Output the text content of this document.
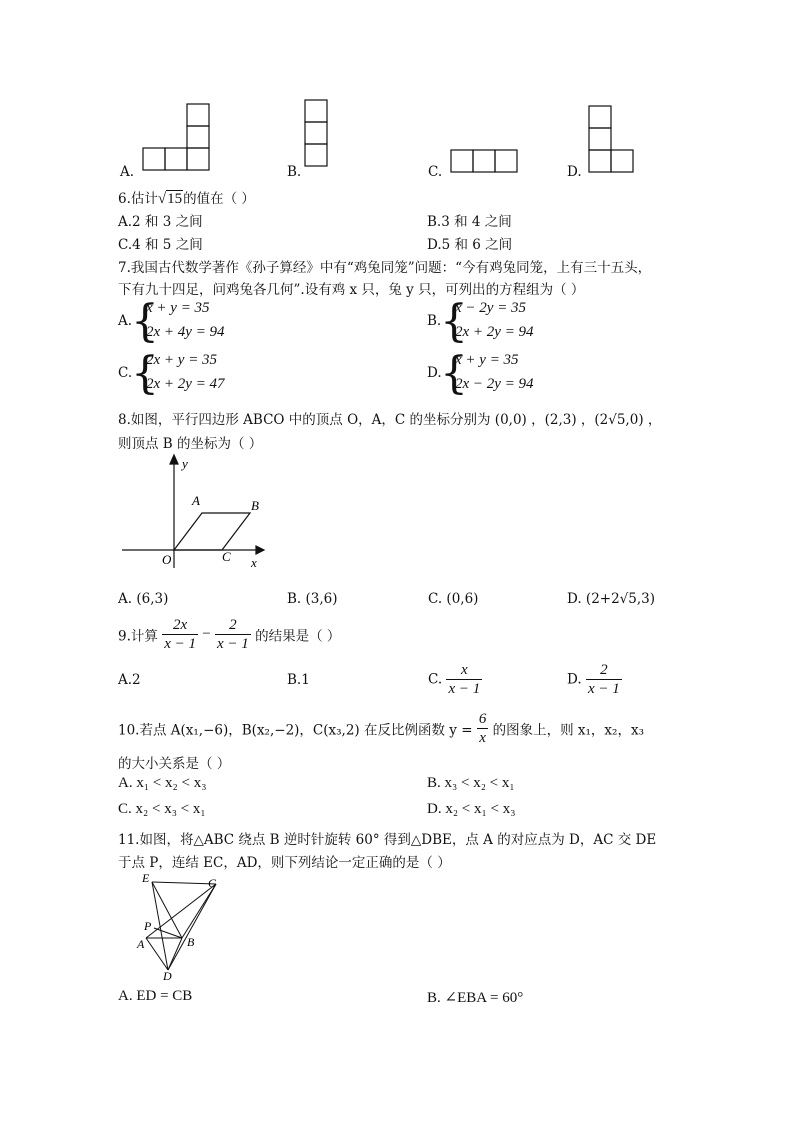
A.	B.	C.	D.
6.估计√15的值在（ ）
A.2 和 3 之间	B.3 和 4 之间
C.4 和 5 之间	D.5 和 6 之间
7.我国古代数学著作《孙子算经》中有“鸡兔同笼”问题：“今有鸡兔同笼，上有三十五头，
下有九十四足，问鸡兔各几何”.设有鸡 x 只，兔 y 只，可列出的方程组为（ ）
A.
{
x + y = 35
2x + 4y = 94
B.
{
x − 2y = 35
2x + 2y = 94
C.
{
2x + y = 35
2x + 2y = 47
D.
{
x + y = 35
2x − 2y = 94
8.如图，平行四边形 ABCO 中的顶点 O，A，C 的坐标分别为 (0,0) ，(2,3) ，(2√5,0) ，
则顶点 B 的坐标为（ ）
y
x
O
A	B
C
A. (6,3)	B. (3,6)	C. (0,6)	D. (2+2√5,3)
9.计算 $\frac{2x}{x - 1} - \frac{2}{x - 1}$ 的结果是（ ）
A.2	B.1	C. $\frac{x}{x - 1}$	D. $\frac{2}{x - 1}$
10.若点 A(x₁,−6)，B(x₂,−2)，C(x₃,2) 在反比例函数 $y = \frac{6}{x}$ 的图象上，则 x₁，x₂，x₃
的大小关系是（ ）
A. x₁ < x₂ < x₃	B. x₃ < x₂ < x₁
C. x₂ < x₃ < x₁	D. x₂ < x₁ < x₃
11.如图，将△ABC 绕点 B 逆时针旋转 60° 得到△DBE，点 A 的对应点为 D，AC 交 DE
于点 P，连结 EC，AD，则下列结论一定正确的是（ ）
E	C
P
A	B
D
A. ED = CB	B. ∠EBA = 60°
